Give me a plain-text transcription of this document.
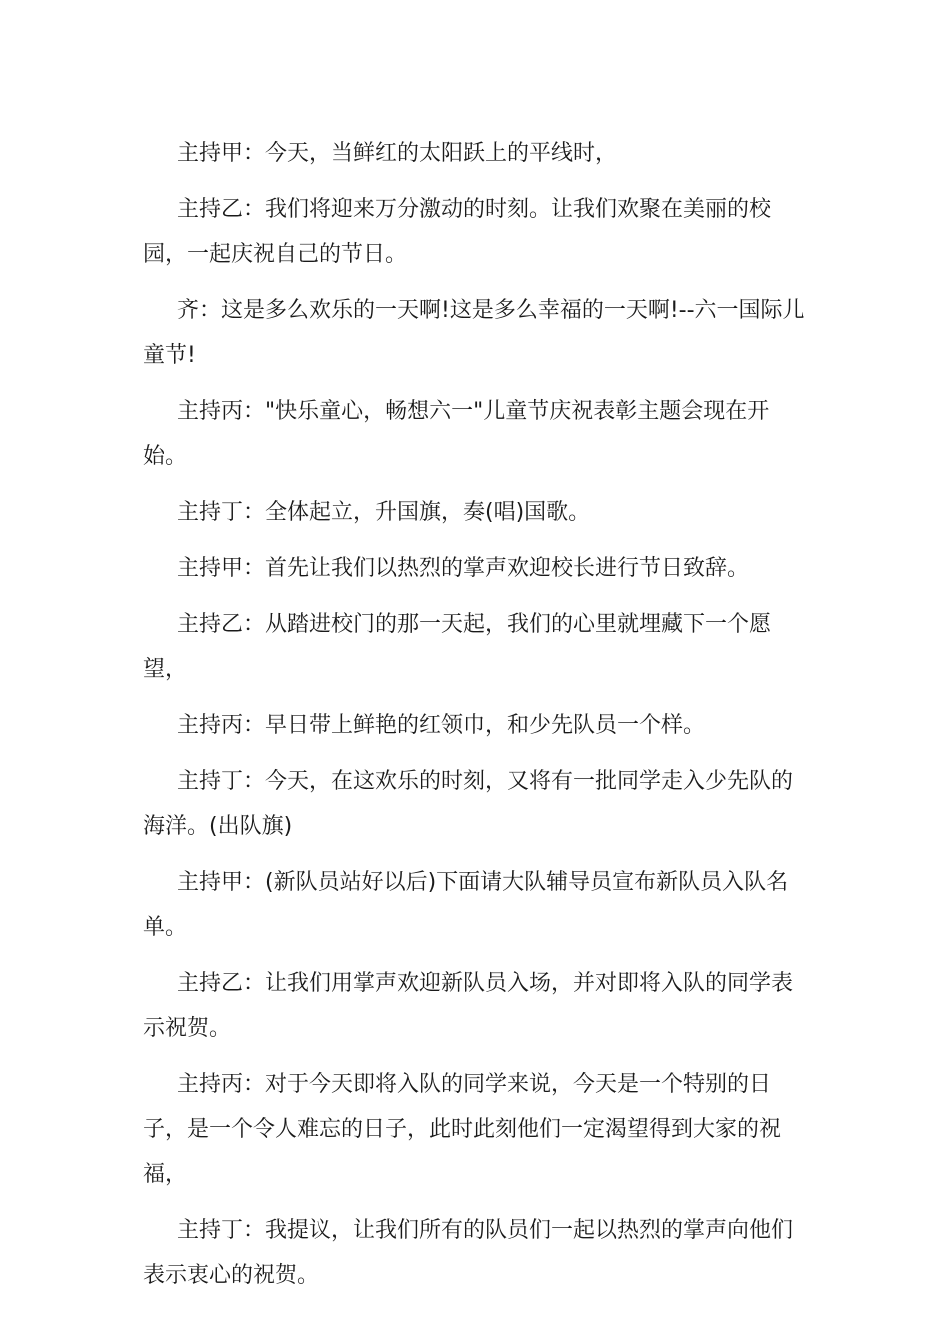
主持甲：今天，当鲜红的太阳跃上的平线时，

主持乙：我们将迎来万分激动的时刻。让我们欢聚在美丽的校园，一起庆祝自己的节日。

齐：这是多么欢乐的一天啊!这是多么幸福的一天啊!--六一国际儿童节!

主持丙："快乐童心，畅想六一"儿童节庆祝表彰主题会现在开始。

主持丁：全体起立，升国旗，奏(唱)国歌。

主持甲：首先让我们以热烈的掌声欢迎校长进行节日致辞。

主持乙：从踏进校门的那一天起，我们的心里就埋藏下一个愿望，

主持丙：早日带上鲜艳的红领巾，和少先队员一个样。

主持丁：今天，在这欢乐的时刻，又将有一批同学走入少先队的海洋。(出队旗)

主持甲：(新队员站好以后)下面请大队辅导员宣布新队员入队名单。

主持乙：让我们用掌声欢迎新队员入场，并对即将入队的同学表示祝贺。

主持丙：对于今天即将入队的同学来说，今天是一个特别的日子，是一个令人难忘的日子，此时此刻他们一定渴望得到大家的祝福，

主持丁：我提议，让我们所有的队员们一起以热烈的掌声向他们表示衷心的祝贺。
